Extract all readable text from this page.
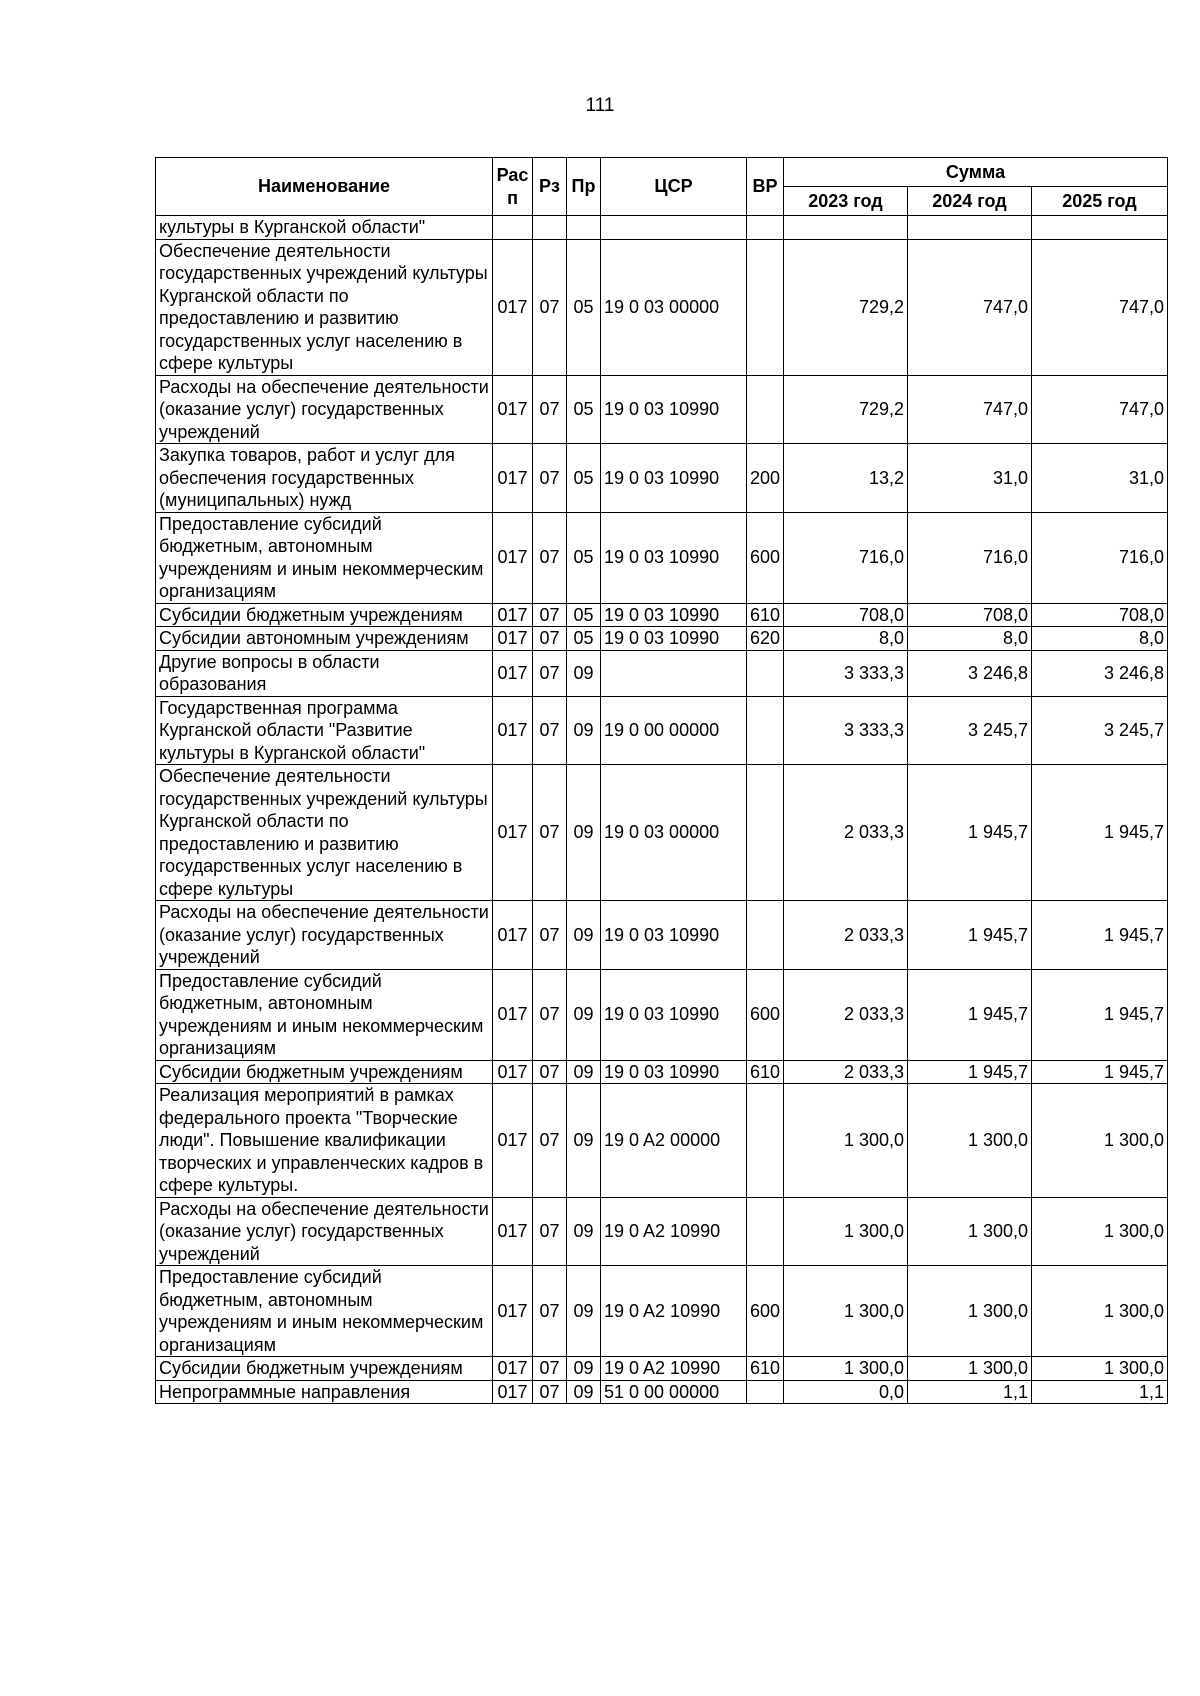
111
Наименование	Рас п	Рз	Пр	ЦСР	ВР	Сумма		
						2023 год	2024 год	2025 год
культуры в Курганской области"								
Обеспечение деятельности государственных учреждений культуры Курганской области по предоставлению и развитию государственных услуг населению в сфере культуры	017	07	05	19 0 03 00000		729,2	747,0	747,0
Расходы на обеспечение деятельности (оказание услуг) государственных учреждений	017	07	05	19 0 03 10990		729,2	747,0	747,0
Закупка товаров, работ и услуг для обеспечения государственных (муниципальных) нужд	017	07	05	19 0 03 10990	200	13,2	31,0	31,0
Предоставление субсидий бюджетным, автономным учреждениям и иным некоммерческим организациям	017	07	05	19 0 03 10990	600	716,0	716,0	716,0
Субсидии бюджетным учреждениям	017	07	05	19 0 03 10990	610	708,0	708,0	708,0
Субсидии автономным учреждениям	017	07	05	19 0 03 10990	620	8,0	8,0	8,0
Другие вопросы в области образования	017	07	09			3 333,3	3 246,8	3 246,8
Государственная программа Курганской области "Развитие культуры в Курганской области"	017	07	09	19 0 00 00000		3 333,3	3 245,7	3 245,7
Обеспечение деятельности государственных учреждений культуры Курганской области по предоставлению и развитию государственных услуг населению в сфере культуры	017	07	09	19 0 03 00000		2 033,3	1 945,7	1 945,7
Расходы на обеспечение деятельности (оказание услуг) государственных учреждений	017	07	09	19 0 03 10990		2 033,3	1 945,7	1 945,7
Предоставление субсидий бюджетным, автономным учреждениям и иным некоммерческим организациям	017	07	09	19 0 03 10990	600	2 033,3	1 945,7	1 945,7
Субсидии бюджетным учреждениям	017	07	09	19 0 03 10990	610	2 033,3	1 945,7	1 945,7
Реализация мероприятий в рамках федерального проекта "Творческие люди". Повышение квалификации творческих и управленческих кадров в сфере культуры.	017	07	09	19 0 A2 00000		1 300,0	1 300,0	1 300,0
Расходы на обеспечение деятельности (оказание услуг) государственных учреждений	017	07	09	19 0 A2 10990		1 300,0	1 300,0	1 300,0
Предоставление субсидий бюджетным, автономным учреждениям и иным некоммерческим организациям	017	07	09	19 0 A2 10990	600	1 300,0	1 300,0	1 300,0
Субсидии бюджетным учреждениям	017	07	09	19 0 A2 10990	610	1 300,0	1 300,0	1 300,0
Непрограммные направления	017	07	09	51 0 00 00000		0,0	1,1	1,1
